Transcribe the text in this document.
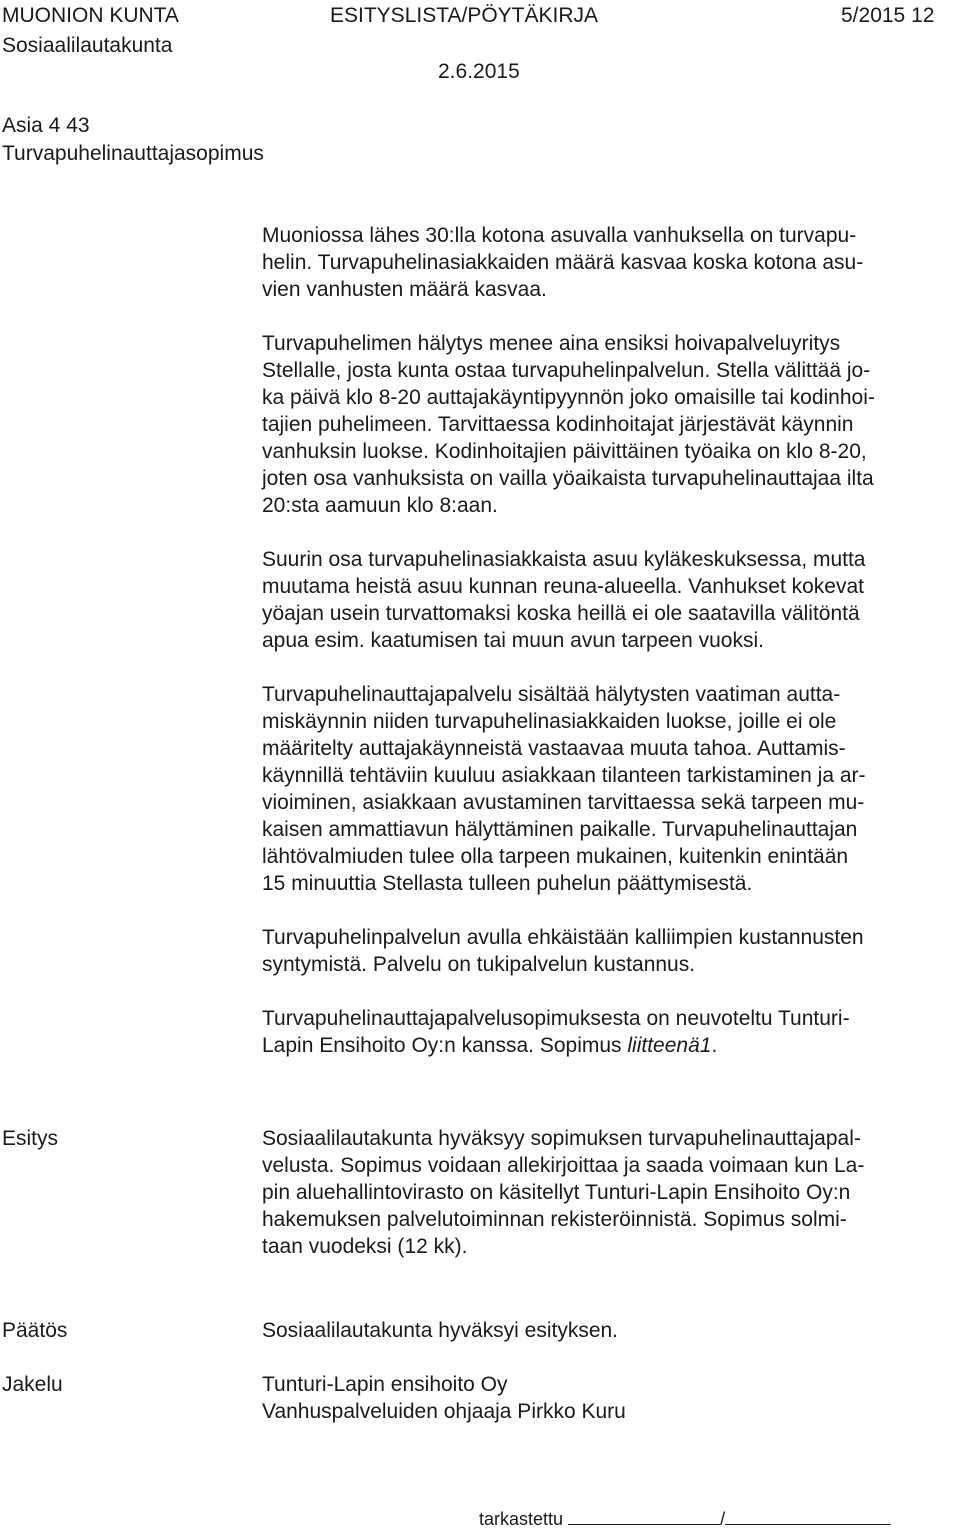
MUONION KUNTA	ESITYSLISTA/PÖYTÄKIRJA	5/2015 12
Sosiaalilautakunta
2.6.2015
Asia 4 43
Turvapuhelinauttajasopimus

Muoniossa lähes 30:lla kotona asuvalla vanhuksella on turvapu-

helin. Turvapuhelinasiakkaiden määrä kasvaa koska kotona asu-

vien vanhusten määrä kasvaa.

Turvapuhelimen hälytys menee aina ensiksi hoivapalveluyritys

Stellalle, josta kunta ostaa turvapuhelinpalvelun. Stella välittää jo-

ka päivä klo 8-20 auttajakäyntipyynnön joko omaisille tai kodinhoi-

tajien puhelimeen. Tarvittaessa kodinhoitajat järjestävät käynnin

vanhuksin luokse. Kodinhoitajien päivittäinen työaika on klo 8-20,

joten osa vanhuksista on vailla yöaikaista turvapuhelinauttajaa ilta

20:sta aamuun klo 8:aan.

Suurin osa turvapuhelinasiakkaista asuu kyläkeskuksessa, mutta

muutama heistä asuu kunnan reuna-alueella. Vanhukset kokevat

yöajan usein turvattomaksi koska heillä ei ole saatavilla välitöntä

apua esim. kaatumisen tai muun avun tarpeen vuoksi.

Turvapuhelinauttajapalvelu sisältää hälytysten vaatiman autta-

miskäynnin niiden turvapuhelinasiakkaiden luokse, joille ei ole

määritelty auttajakäynneistä vastaavaa muuta tahoa. Auttamis-

käynnillä tehtäviin kuuluu asiakkaan tilanteen tarkistaminen ja ar-

vioiminen, asiakkaan avustaminen tarvittaessa sekä tarpeen mu-

kaisen ammattiavun hälyttäminen paikalle. Turvapuhelinauttajan

lähtövalmiuden tulee olla tarpeen mukainen, kuitenkin enintään

15 minuuttia Stellasta tulleen puhelun päättymisestä.

Turvapuhelinpalvelun avulla ehkäistään kalliimpien kustannusten

syntymistä. Palvelu on tukipalvelun kustannus.

Turvapuhelinauttajapalvelusopimuksesta on neuvoteltu Tunturi-

Lapin Ensihoito Oy:n kanssa. Sopimus liitteenä1.

Esitys	Sosiaalilautakunta hyväksyy sopimuksen turvapuhelinauttajapal-

velusta. Sopimus voidaan allekirjoittaa ja saada voimaan kun La-

pin aluehallintovirasto on käsitellyt Tunturi-Lapin Ensihoito Oy:n

hakemuksen palvelutoiminnan rekisteröinnistä. Sopimus solmi-

taan vuodeksi (12 kk).

Päätös	Sosiaalilautakunta hyväksyi esityksen.

Jakelu	Tunturi-Lapin ensihoito Oy

Vanhuspalveluiden ohjaaja Pirkko Kuru

tarkastettu	/
